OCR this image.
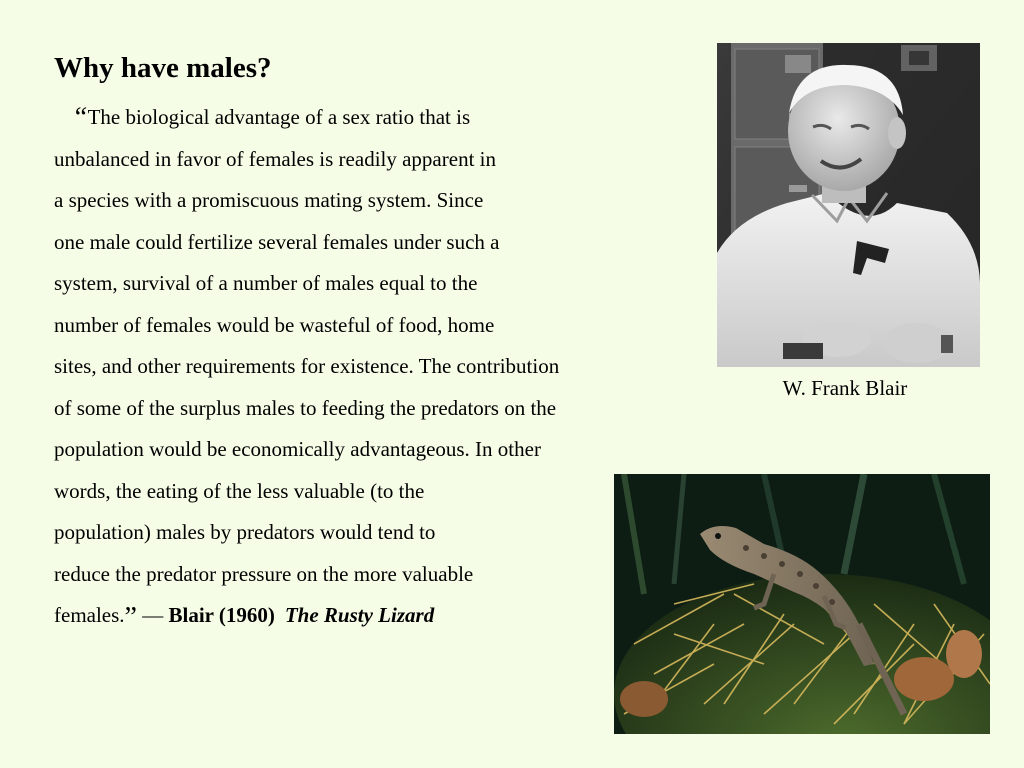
Why have males?
“The biological advantage of a sex ratio that is
unbalanced in favor of females is readily apparent in
a species with a promiscuous mating system. Since
one male could fertilize several females under such a
system, survival of a number of males equal to the
number of females would be wasteful of food, home
sites, and other requirements for existence. The contribution
of some of the surplus males to feeding the predators on the
population would be economically advantageous. In other
words, the eating of the less valuable (to the
population) males by predators would tend to
reduce the predator pressure on the more valuable
females.” — Blair (1960) The Rusty Lizard
W. Frank Blair
